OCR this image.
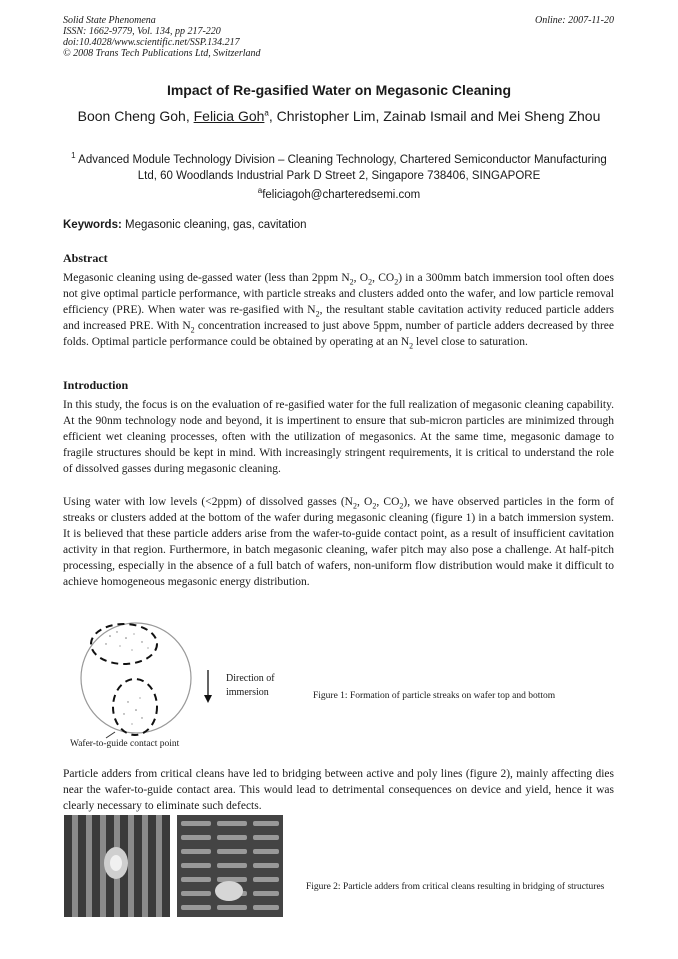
Solid State Phenomena
ISSN: 1662-9779, Vol. 134, pp 217-220
doi:10.4028/www.scientific.net/SSP.134.217
© 2008 Trans Tech Publications Ltd, Switzerland
Online: 2007-11-20
Impact of Re-gasified Water on Megasonic Cleaning
Boon Cheng Goh, Felicia Goh$^a$, Christopher Lim, Zainab Ismail and Mei Sheng Zhou
$^1$ Advanced Module Technology Division – Cleaning Technology, Chartered Semiconductor Manufacturing Ltd, 60 Woodlands Industrial Park D Street 2, Singapore 738406, SINGAPORE
$^a$feliciagoh@charteredsemi.com
Keywords: Megasonic cleaning, gas, cavitation
Abstract

Megasonic cleaning using de-gassed water (less than 2ppm $N_2$, $O_2$, $CO_2$) in a 300mm batch immersion tool often does not give optimal particle performance, with particle streaks and clusters added onto the wafer, and low particle removal efficiency (PRE). When water was re-gasified with $N_2$, the resultant stable cavitation activity reduced particle adders and increased PRE. With $N_2$ concentration increased to just above 5ppm, number of particle adders decreased by three folds. Optimal particle performance could be obtained by operating at an $N_2$ level close to saturation.

Introduction

In this study, the focus is on the evaluation of re-gasified water for the full realization of megasonic cleaning capability. At the 90nm technology node and beyond, it is impertinent to ensure that sub-micron particles are minimized through efficient wet cleaning processes, often with the utilization of megasonics. At the same time, megasonic damage to fragile structures should be kept in mind. With increasingly stringent requirements, it is critical to understand the role of dissolved gasses during megasonic cleaning.

Using water with low levels (<2ppm) of dissolved gasses ($N_2$, $O_2$, $CO_2$), we have observed particles in the form of streaks or clusters added at the bottom of the wafer during megasonic cleaning (figure 1) in a batch immersion system. It is believed that these particle adders arise from the wafer-to-guide contact point, as a result of insufficient cavitation activity in that region. Furthermore, in batch megasonic cleaning, wafer pitch may also pose a challenge. At half-pitch processing, especially in the absence of a full batch of wafers, non-uniform flow distribution would make it difficult to achieve homogeneous megasonic energy distribution.

Direction of
immersion
Wafer-to-guide contact point
Figure 1: Formation of particle streaks on wafer top and bottom

Particle adders from critical cleans have led to bridging between active and poly lines (figure 2), mainly affecting dies near the wafer-to-guide contact area. This would lead to detrimental consequences on device and yield, hence it was clearly necessary to eliminate such defects.

Figure 2: Particle adders from critical cleans resulting in bridging of structures
